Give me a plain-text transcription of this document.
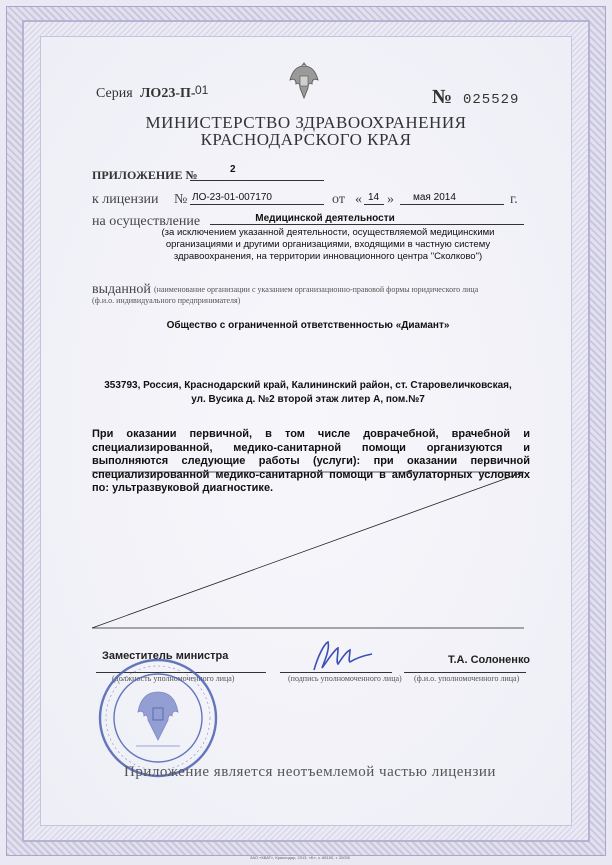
Серия ЛО23-П- 01	№ 025529
МИНИСТЕРСТВО ЗДРАВООХРАНЕНИЯ
КРАСНОДАРСКОГО КРАЯ
ПРИЛОЖЕНИЕ №	2
к лицензии № ЛО-23-01-007170	от « 14 » мая 2014	г.
на осуществление	Медицинской деятельности
(за исключением указанной деятельности, осуществляемой медицинскими организациями и другими организациями, входящими в частную систему здравоохранения, на территории инновационного центра "Сколково")
выданной (наименование организации с указанием организационно-правовой формы юридического лица
(ф.и.о. индивидуального предпринимателя)
Общество с ограниченной ответственностью «Диамант»
353793, Россия, Краснодарский край, Калининский район, ст. Старовеличковская,
ул. Вусика д. №2 второй этаж литер А, пом.№7
При оказании первичной, в том числе доврачебной, врачебной и специализированной, медико-санитарной помощи организуются и выполняются следующие работы (услуги): при оказании первичной специализированной медико-санитарной помощи в амбулаторных условиях по: ультразвуковой диагностике.
Заместитель министра
(должность уполномоченного лица)	(подпись уполномоченного лица)
Т.А. Солоненко
(ф.и.о. уполномоченного лица)
Приложение является неотъемлемой частью лицензии
ЗАО «КВАТ», Краснодар, 2013, «Б», з. 88150, т. 20000
